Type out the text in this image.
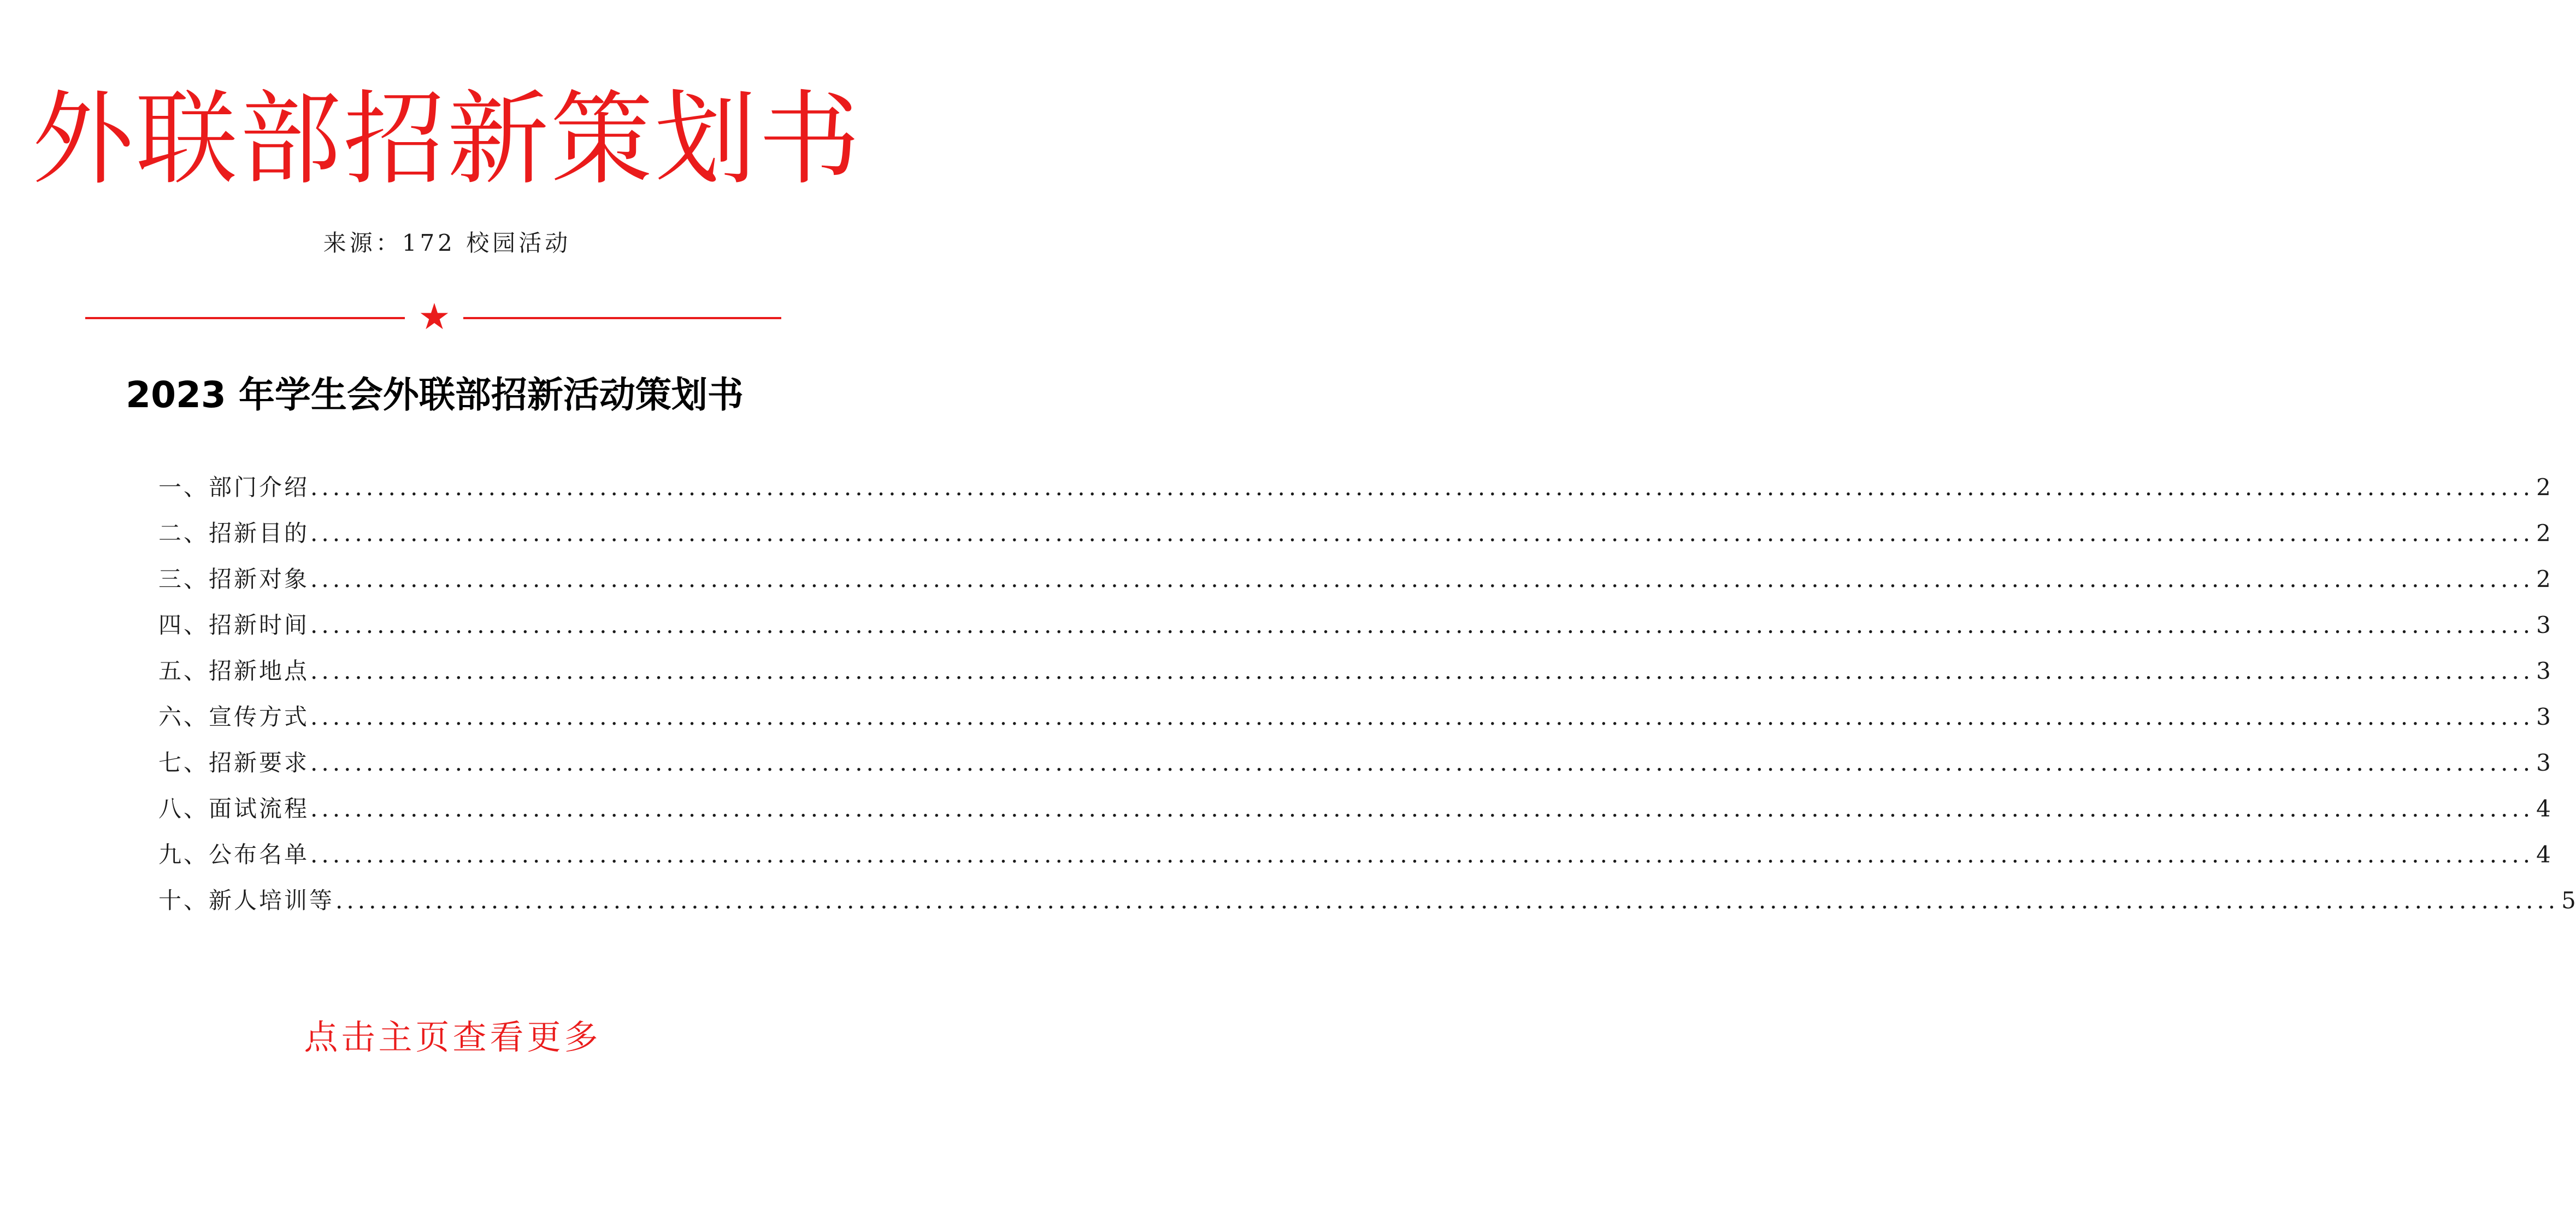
外联部招新策划书
来源：172 校园活动
★
2023 年学生会外联部招新活动策划书
一、部门介绍 ........................................................................................................................................................................................................ 2
二、招新目的 ........................................................................................................................................................................................................ 2
三、招新对象 ........................................................................................................................................................................................................ 2
四、招新时间 ........................................................................................................................................................................................................ 3
五、招新地点 ........................................................................................................................................................................................................ 3
六、宣传方式 ........................................................................................................................................................................................................ 3
七、招新要求 ........................................................................................................................................................................................................ 3
八、面试流程 ........................................................................................................................................................................................................ 4
九、公布名单 ........................................................................................................................................................................................................ 4
十、新人培训等 ........................................................................................................................................................................................................ 5
点击主页查看更多
